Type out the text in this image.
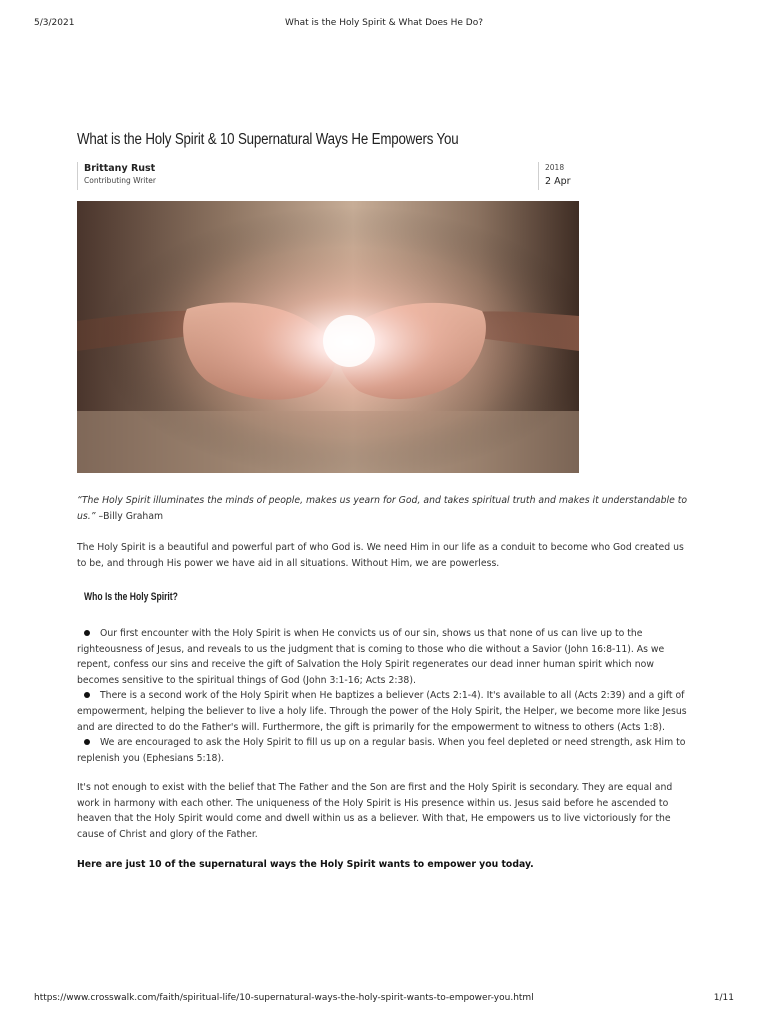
5/3/2021	What is the Holy Spirit & What Does He Do?
What is the Holy Spirit & 10 Supernatural Ways He Empowers You
Brittany Rust
Contributing Writer
2018
2 Apr
“The Holy Spirit illuminates the minds of people, makes us yearn for God, and takes spiritual truth and makes it understandable to us.” –Billy Graham
The Holy Spirit is a beautiful and powerful part of who God is. We need Him in our life as a conduit to become who God created us to be, and through His power we have aid in all situations. Without Him, we are powerless.
Who Is the Holy Spirit?
Our first encounter with the Holy Spirit is when He convicts us of our sin, shows us that none of us can live up to the righteousness of Jesus, and reveals to us the judgment that is coming to those who die without a Savior (John 16:8-11). As we repent, confess our sins and receive the gift of Salvation the Holy Spirit regenerates our dead inner human spirit which now becomes sensitive to the spiritual things of God (John 3:1-16; Acts 2:38).
There is a second work of the Holy Spirit when He baptizes a believer (Acts 2:1-4). It's available to all (Acts 2:39) and a gift of empowerment, helping the believer to live a holy life. Through the power of the Holy Spirit, the Helper, we become more like Jesus and are directed to do the Father's will. Furthermore, the gift is primarily for the empowerment to witness to others (Acts 1:8).
We are encouraged to ask the Holy Spirit to fill us up on a regular basis. When you feel depleted or need strength, ask Him to replenish you (Ephesians 5:18).
It's not enough to exist with the belief that The Father and the Son are first and the Holy Spirit is secondary. They are equal and work in harmony with each other. The uniqueness of the Holy Spirit is His presence within us. Jesus said before he ascended to heaven that the Holy Spirit would come and dwell within us as a believer. With that, He empowers us to live victoriously for the cause of Christ and glory of the Father.
Here are just 10 of the supernatural ways the Holy Spirit wants to empower you today.
https://www.crosswalk.com/faith/spiritual-life/10-supernatural-ways-the-holy-spirit-wants-to-empower-you.html	1/11
